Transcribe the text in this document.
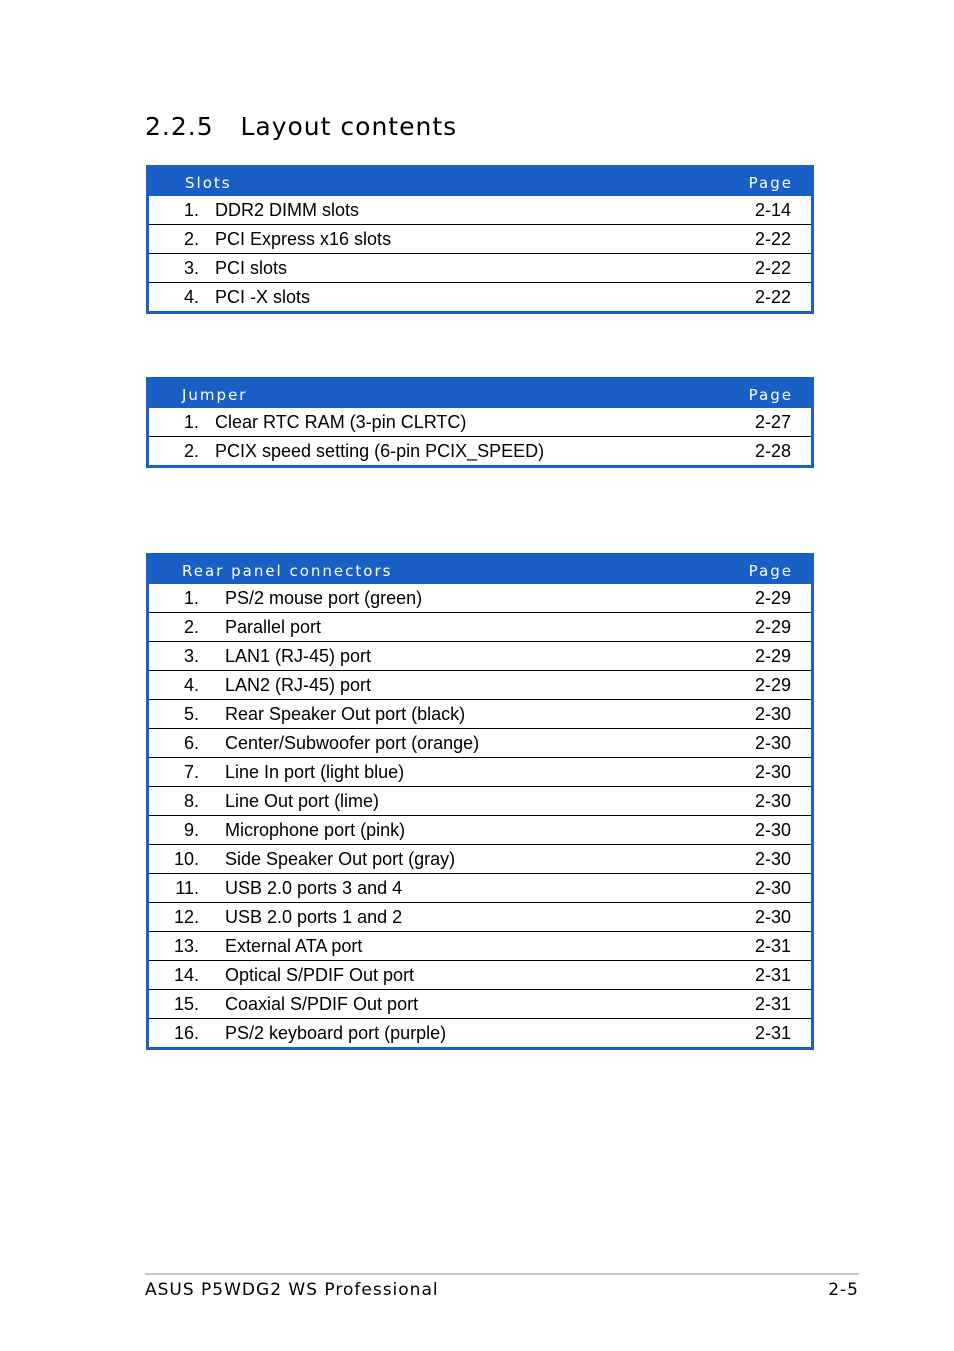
2.2.5 Layout contents
Slots	Page
1. DDR2 DIMM slots	2-14
2. PCI Express x16 slots	2-22
3. PCI slots	2-22
4. PCI -X slots	2-22
Jumper	Page
1. Clear RTC RAM (3-pin CLRTC)	2-27
2. PCIX speed setting (6-pin PCIX_SPEED)	2-28
Rear panel connectors	Page
1. PS/2 mouse port (green)	2-29
2. Parallel port	2-29
3. LAN1 (RJ-45) port	2-29
4. LAN2 (RJ-45) port	2-29
5. Rear Speaker Out port (black)	2-30
6. Center/Subwoofer port (orange)	2-30
7. Line In port (light blue)	2-30
8. Line Out port (lime)	2-30
9. Microphone port (pink)	2-30
10. Side Speaker Out port (gray)	2-30
11. USB 2.0 ports 3 and 4	2-30
12. USB 2.0 ports 1 and 2	2-30
13. External ATA port	2-31
14. Optical S/PDIF Out port	2-31
15. Coaxial S/PDIF Out port	2-31
16. PS/2 keyboard port (purple)	2-31
ASUS P5WDG2 WS Professional	2-5
